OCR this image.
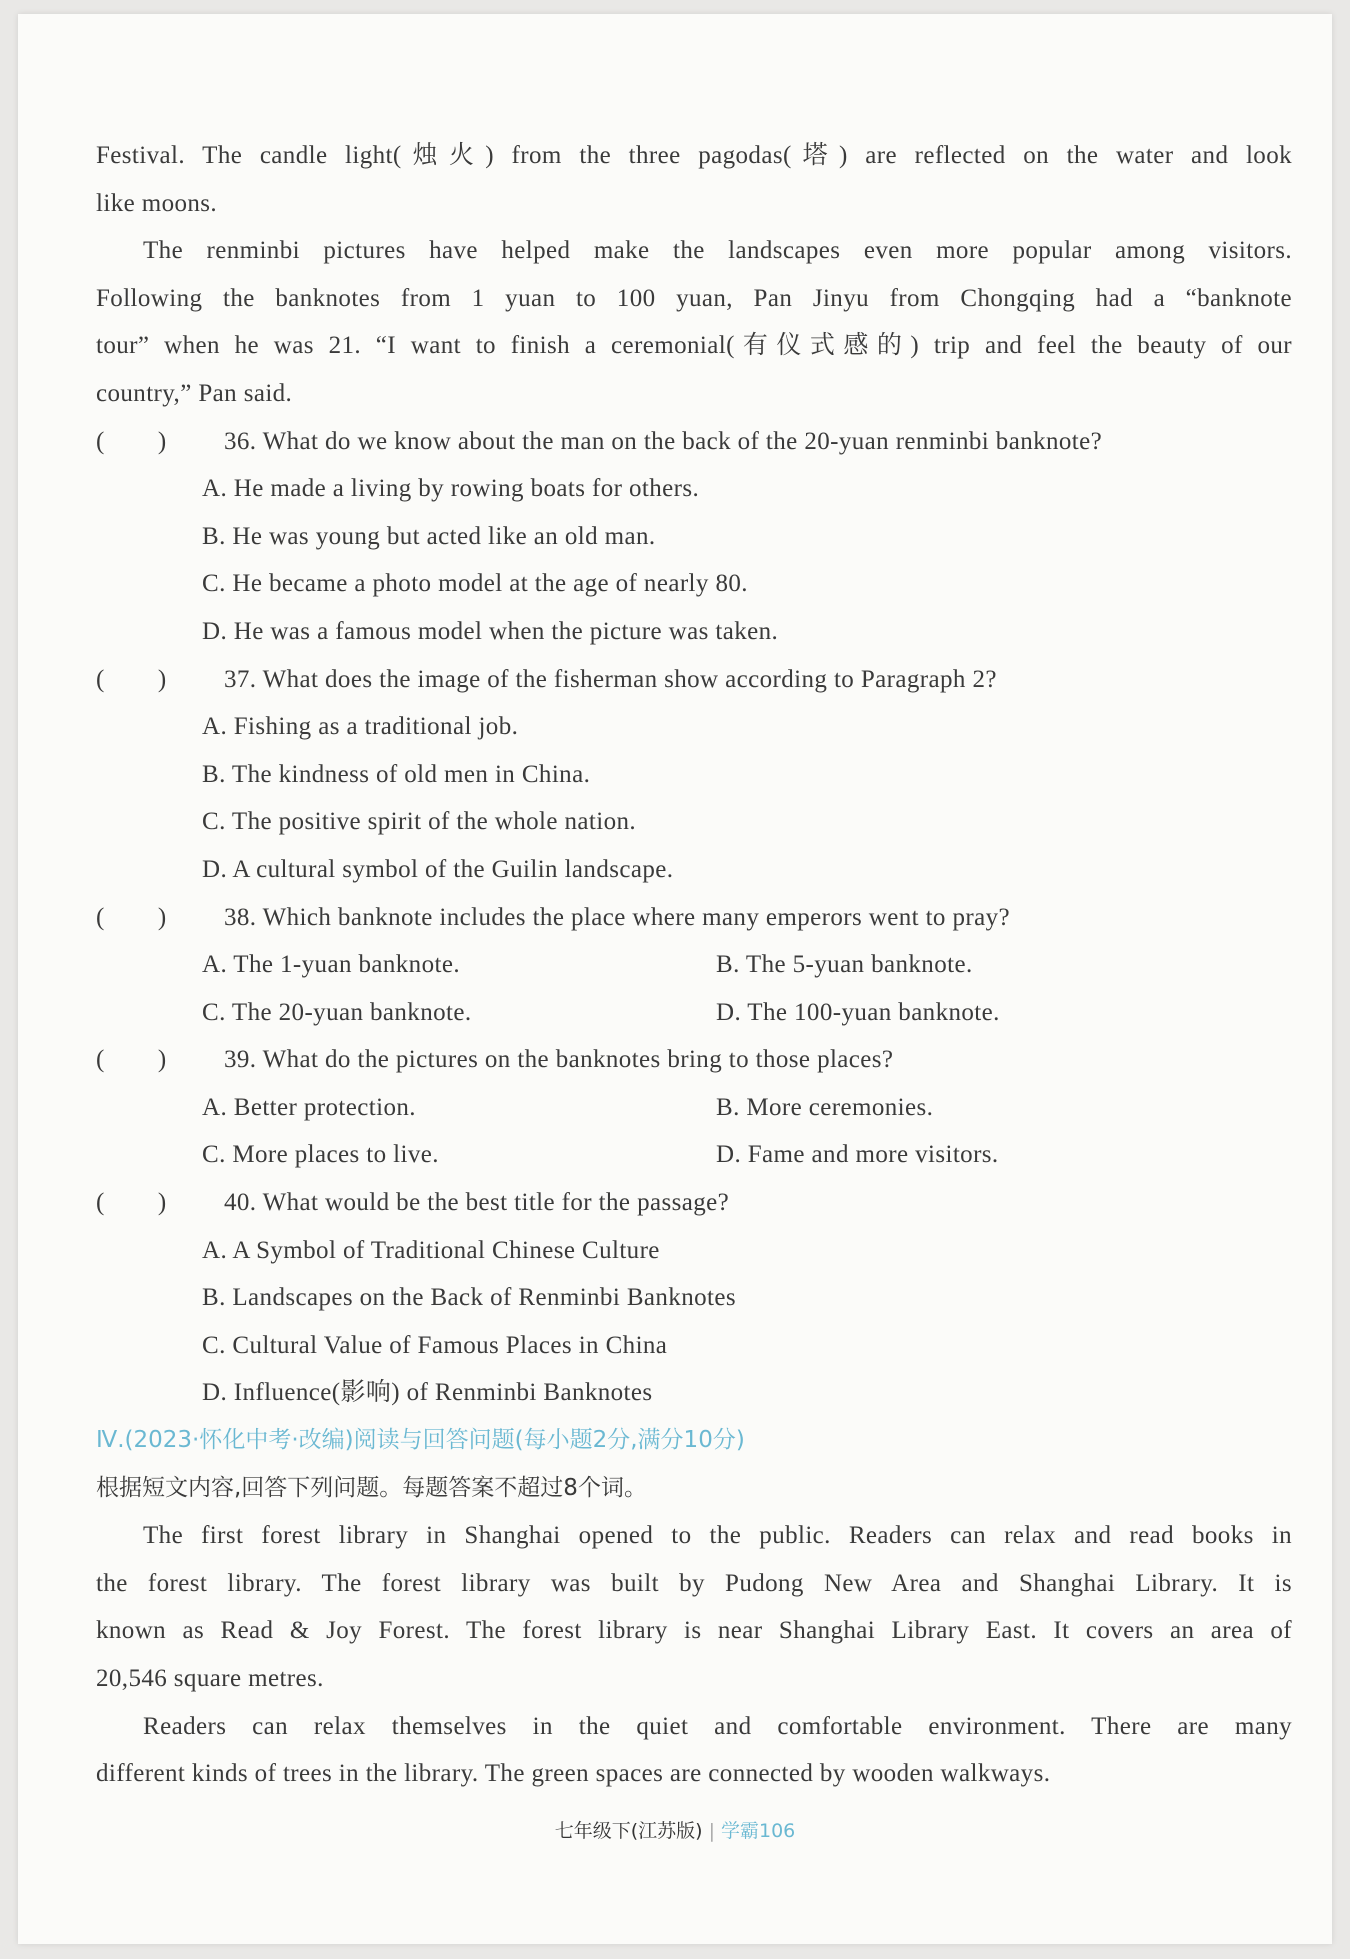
Festival. The candle light(烛火) from the three pagodas(塔) are reflected on the water and look

like moons.

The renminbi pictures have helped make the landscapes even more popular among visitors.

Following the banknotes from 1 yuan to 100 yuan, Pan Jinyu from Chongqing had a “banknote

tour” when he was 21. “I want to finish a ceremonial(有仪式感的) trip and feel the beauty of our

country,” Pan said.

(        )	36. What do we know about the man on the back of the 20-yuan renminbi banknote?

A. He made a living by rowing boats for others.

B. He was young but acted like an old man.

C. He became a photo model at the age of nearly 80.

D. He was a famous model when the picture was taken.

(        )	37. What does the image of the fisherman show according to Paragraph 2?

A. Fishing as a traditional job.

B. The kindness of old men in China.

C. The positive spirit of the whole nation.

D. A cultural symbol of the Guilin landscape.

(        )	38. Which banknote includes the place where many emperors went to pray?
A. The 1-yuan banknote.	B. The 5-yuan banknote.
C. The 20-yuan banknote.	D. The 100-yuan banknote.
(        )	39. What do the pictures on the banknotes bring to those places?
A. Better protection.	B. More ceremonies.
C. More places to live.	D. Fame and more visitors.
(        )	40. What would be the best title for the passage?

A. A Symbol of Traditional Chinese Culture

B. Landscapes on the Back of Renminbi Banknotes

C. Cultural Value of Famous Places in China

D. Influence(影响) of Renminbi Banknotes

Ⅳ.(2023·怀化中考·改编)阅读与回答问题(每小题2分,满分10分)

根据短文内容,回答下列问题。每题答案不超过8个词。

The first forest library in Shanghai opened to the public. Readers can relax and read books in

the forest library. The forest library was built by Pudong New Area and Shanghai Library. It is

known as Read & Joy Forest. The forest library is near Shanghai Library East. It covers an area of

20,546 square metres.

Readers can relax themselves in the quiet and comfortable environment. There are many

different kinds of trees in the library. The green spaces are connected by wooden walkways.

七年级下(江苏版) | 学霸106
